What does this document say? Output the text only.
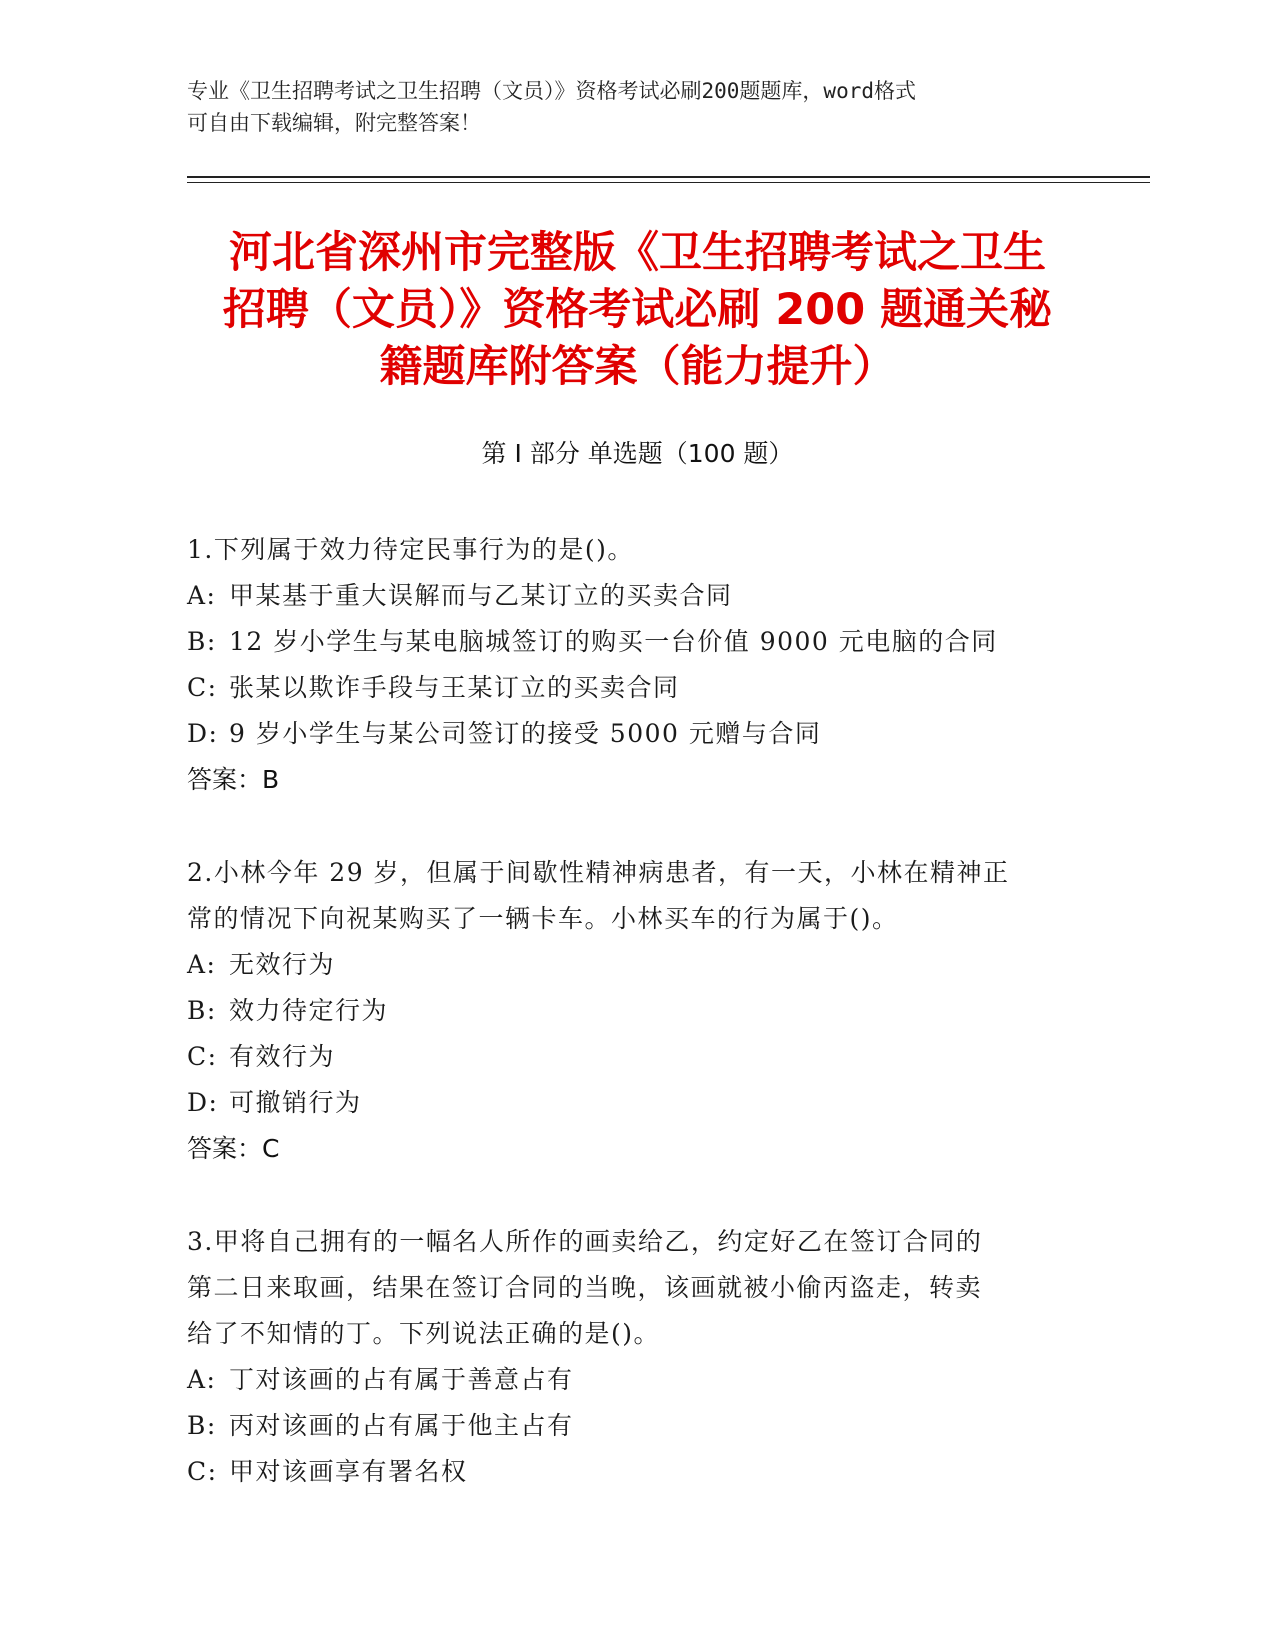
专业《卫生招聘考试之卫生招聘（文员）》资格考试必刷200题题库，word格式
可自由下载编辑，附完整答案！
河北省深州市完整版《卫生招聘考试之卫生
招聘（文员）》资格考试必刷 200 题通关秘
籍题库附答案（能力提升）
第 I 部分 单选题（100 题）
1.下列属于效力待定民事行为的是()。
A: 甲某基于重大误解而与乙某订立的买卖合同
B: 12 岁小学生与某电脑城签订的购买一台价值 9000 元电脑的合同
C: 张某以欺诈手段与王某订立的买卖合同
D: 9 岁小学生与某公司签订的接受 5000 元赠与合同
答案：B
2.小林今年 29 岁，但属于间歇性精神病患者，有一天，小林在精神正
常的情况下向祝某购买了一辆卡车。小林买车的行为属于()。
A: 无效行为
B: 效力待定行为
C: 有效行为
D: 可撤销行为
答案：C
3.甲将自己拥有的一幅名人所作的画卖给乙，约定好乙在签订合同的
第二日来取画，结果在签订合同的当晚，该画就被小偷丙盗走，转卖
给了不知情的丁。下列说法正确的是()。
A: 丁对该画的占有属于善意占有
B: 丙对该画的占有属于他主占有
C: 甲对该画享有署名权
